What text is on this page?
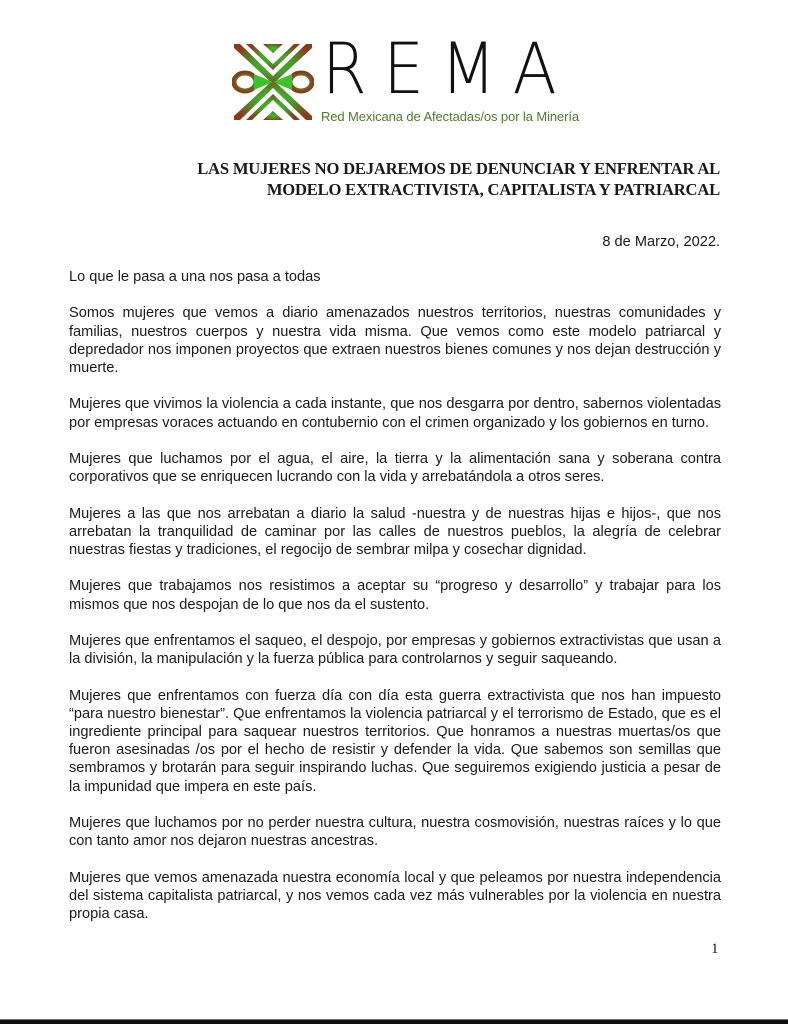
REMA
Red Mexicana de Afectadas/os por la Minería
LAS MUJERES NO DEJAREMOS DE DENUNCIAR Y ENFRENTAR AL
MODELO EXTRACTIVISTA, CAPITALISTA Y PATRIARCAL
8 de Marzo, 2022.

Lo que le pasa a una nos pasa a todas

Somos mujeres que vemos a diario amenazados nuestros territorios, nuestras comunidades y familias, nuestros cuerpos y nuestra vida misma. Que vemos como este modelo patriarcal y depredador nos imponen proyectos que extraen nuestros bienes comunes y nos dejan destrucción y muerte.

Mujeres que vivimos la violencia a cada instante, que nos desgarra por dentro, sabernos violentadas por empresas voraces actuando en contubernio con el crimen organizado y los gobiernos en turno.

Mujeres que luchamos por el agua, el aire, la tierra y la alimentación sana y soberana contra corporativos que se enriquecen lucrando con la vida y arrebatándola a otros seres.

Mujeres a las que nos arrebatan a diario la salud -nuestra y de nuestras hijas e hijos-, que nos arrebatan la tranquilidad de caminar por las calles de nuestros pueblos, la alegría de celebrar nuestras fiestas y tradiciones, el regocijo de sembrar milpa y cosechar dignidad.

Mujeres que trabajamos nos resistimos a aceptar su “progreso y desarrollo” y trabajar para los mismos que nos despojan de lo que nos da el sustento.

Mujeres que enfrentamos el saqueo, el despojo, por empresas y gobiernos extractivistas que usan a la división, la manipulación y la fuerza pública para controlarnos y seguir saqueando.

Mujeres que enfrentamos con fuerza día con día esta guerra extractivista que nos han impuesto “para nuestro bienestar”. Que enfrentamos la violencia patriarcal y el terrorismo de Estado, que es el ingrediente principal para saquear nuestros territorios. Que honramos a nuestras muertas/os que fueron asesinadas /os por el hecho de resistir y defender la vida. Que sabemos son semillas que sembramos y brotarán para seguir inspirando luchas. Que seguiremos exigiendo justicia a pesar de la impunidad que impera en este país.

Mujeres que luchamos por no perder nuestra cultura, nuestra cosmovisión, nuestras raíces y lo que con tanto amor nos dejaron nuestras ancestras.

Mujeres que vemos amenazada nuestra economía local y que peleamos por nuestra independencia del sistema capitalista patriarcal, y nos vemos cada vez más vulnerables por la violencia en nuestra propia casa.

1
